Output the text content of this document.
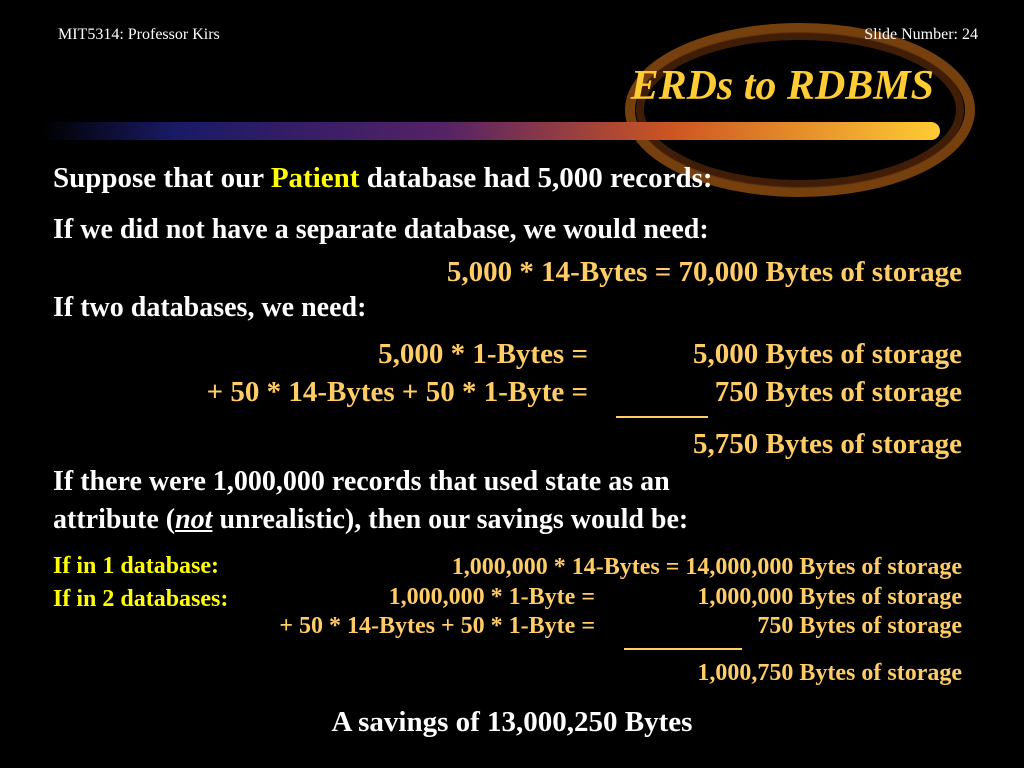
MIT5314: Professor Kirs	Slide Number: 24
ERDs to RDBMS
Suppose that our Patient database had 5,000 records:
If we did not have a separate database, we would need:
5,000 * 14-Bytes = 70,000 Bytes of storage
If two databases, we need:
5,000 * 1-Bytes =	5,000 Bytes of storage
+ 50 * 14-Bytes + 50 * 1-Byte =	750 Bytes of storage
5,750 Bytes of storage
If there were 1,000,000 records that used state as an
attribute (not unrealistic), then our savings would be:
If in 1 database:	1,000,000 * 14-Bytes = 14,000,000 Bytes of storage
If in 2 databases:	1,000,000 * 1-Byte =	1,000,000 Bytes of storage
+ 50 * 14-Bytes + 50 * 1-Byte =	750 Bytes of storage
1,000,750 Bytes of storage
A savings of 13,000,250 Bytes
